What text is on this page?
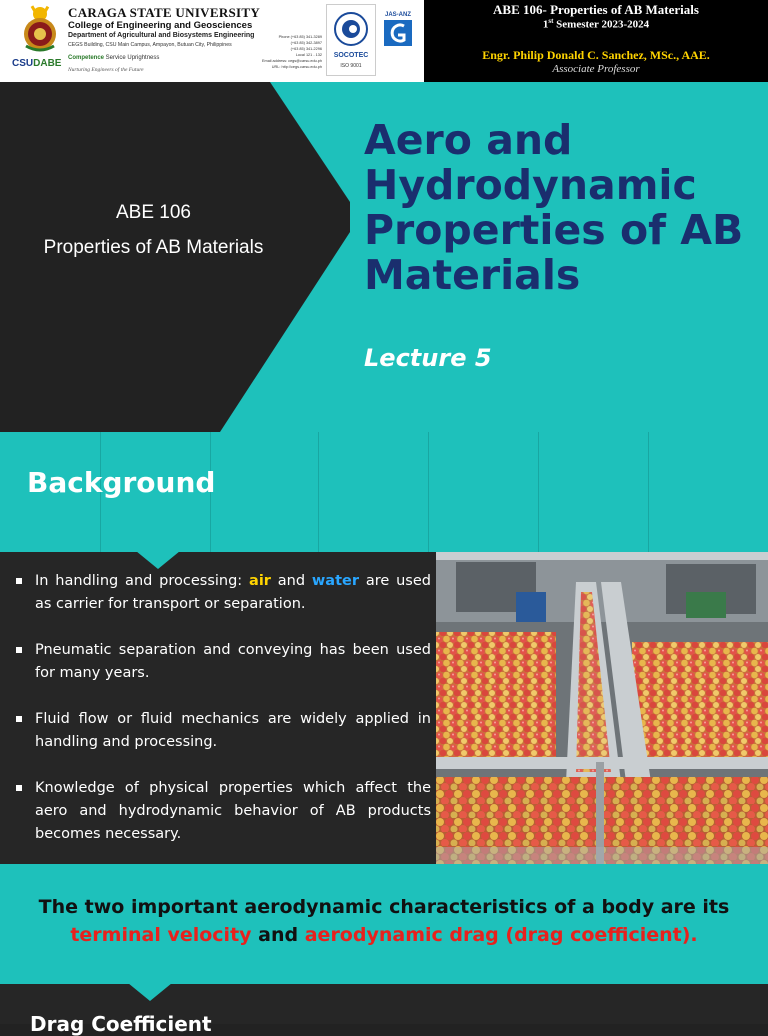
CSUDABE
CARAGA STATE UNIVERSITY
College of Engineering and Geosciences
Department of Agricultural and Biosystems Engineering
CEGS Building, CSU Main Campus, Ampayon, Butuan City, Philippines
Competence Service Uprightness
Nurturing Engineers of the Future
Phone (+63 85) 341-3289
(+63 85) 342-3897
(+63 85) 341-2296
Local 121 - 132
Email address: cegs@carsu.edu.ph
URL: http://cegs.carsu.edu.ph
SOCOTEC
ISO 9001
JAS-ANZ	ABE 106- Properties of AB Materials
1st Semester 2023-2024
Engr. Philip Donald C. Sanchez, MSc., AAE.
Associate Professor
ABE 106
Properties of AB Materials
Aero and
Hydrodynamic
Properties of AB
Materials
Lecture 5
Background
In handling and processing: air and water are used as carrier for transport or separation.
Pneumatic separation and conveying has been used for many years.
Fluid flow or fluid mechanics are widely applied in handling and processing.
Knowledge of physical properties which affect the aero and hydrodynamic behavior of AB products becomes necessary.
The two important aerodynamic characteristics of a body are its terminal velocity and aerodynamic drag (drag coefficient).
Drag Coefficient
